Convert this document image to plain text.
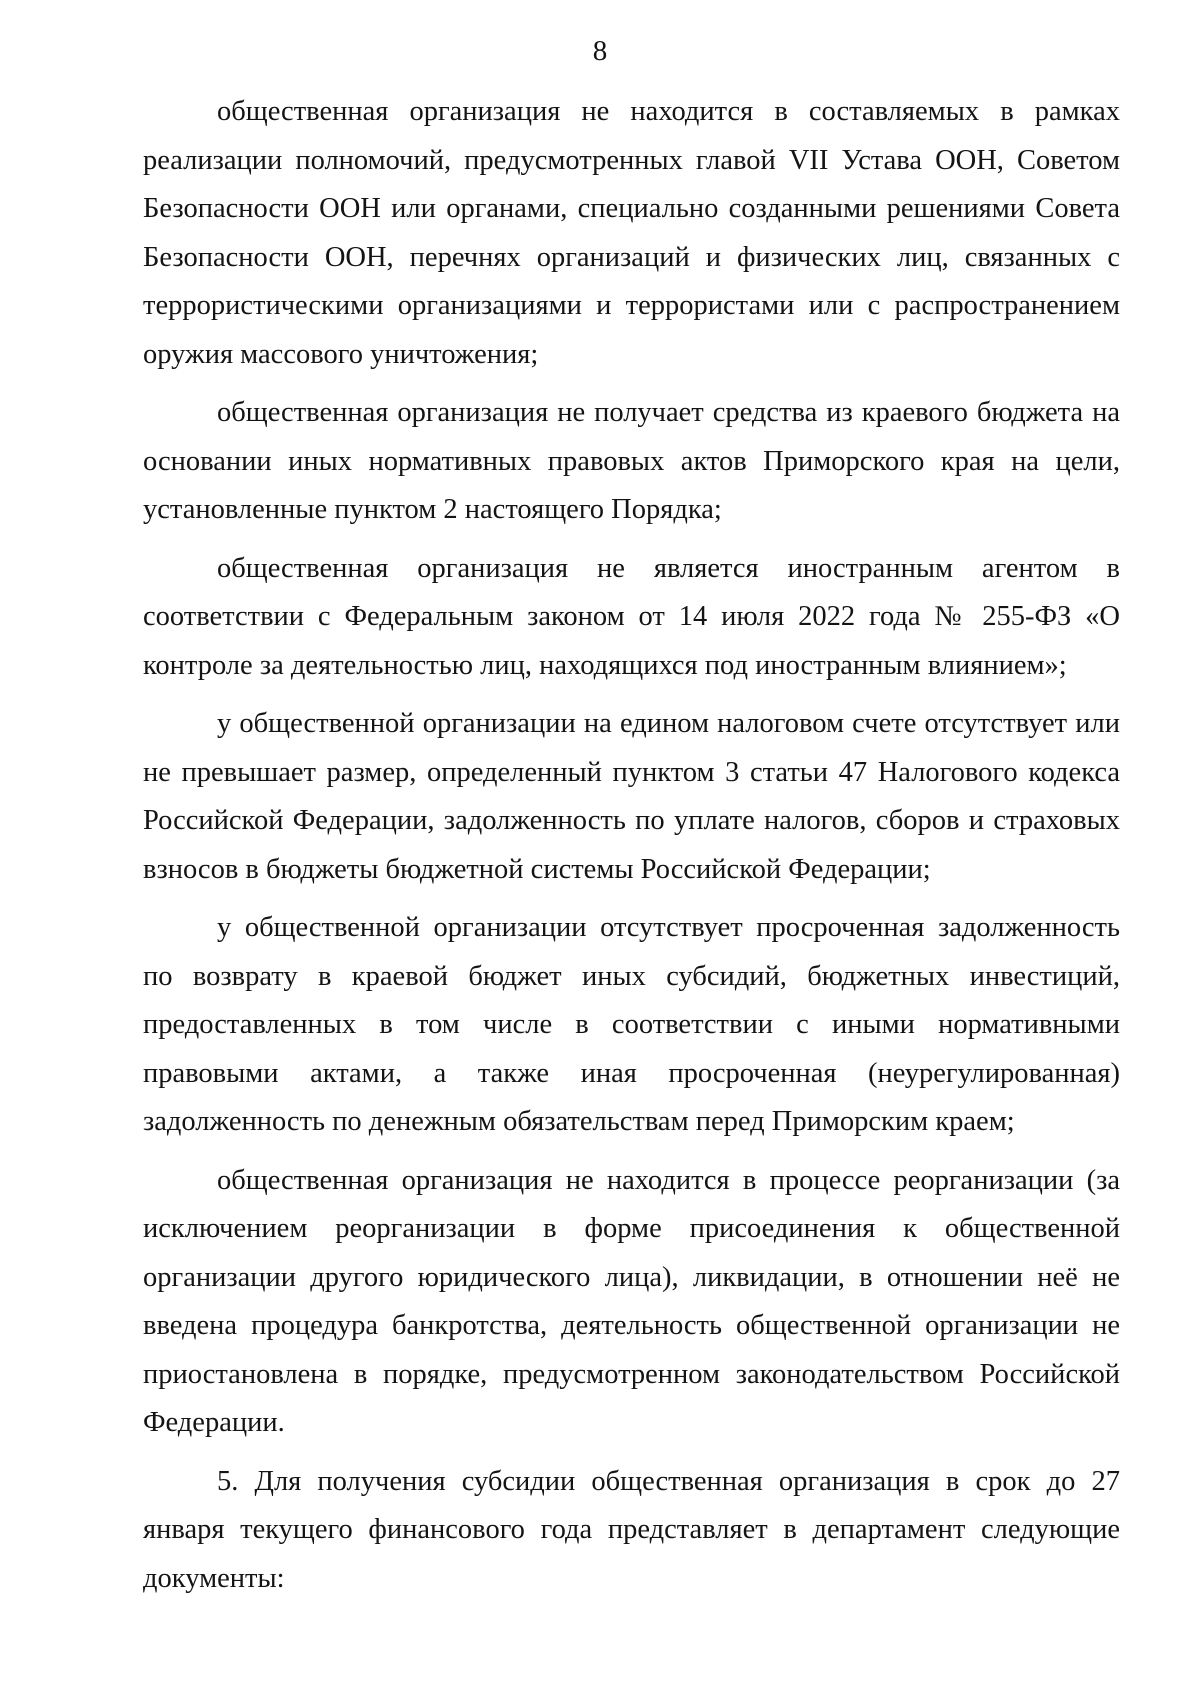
8

общественная организация не находится в составляемых в рамках реализации полномочий, предусмотренных главой VII Устава ООН, Советом Безопасности ООН или органами, специально созданными решениями Совета Безопасности ООН, перечнях организаций и физических лиц, связанных с террористическими организациями и террористами или с распространением оружия массового уничтожения;

общественная организация не получает средства из краевого бюджета на основании иных нормативных правовых актов Приморского края на цели, установленные пунктом 2 настоящего Порядка;

общественная организация не является иностранным агентом в соответствии с Федеральным законом от 14 июля 2022 года № 255-ФЗ «О контроле за деятельностью лиц, находящихся под иностранным влиянием»;

у общественной организации на едином налоговом счете отсутствует или не превышает размер, определенный пунктом 3 статьи 47 Налогового кодекса Российской Федерации, задолженность по уплате налогов, сборов и страховых взносов в бюджеты бюджетной системы Российской Федерации;

у общественной организации отсутствует просроченная задолженность по возврату в краевой бюджет иных субсидий, бюджетных инвестиций, предоставленных в том числе в соответствии с иными нормативными правовыми актами, а также иная просроченная (неурегулированная) задолженность по денежным обязательствам перед Приморским краем;

общественная организация не находится в процессе реорганизации (за исключением реорганизации в форме присоединения к общественной организации другого юридического лица), ликвидации, в отношении неё не введена процедура банкротства, деятельность общественной организации не приостановлена в порядке, предусмотренном законодательством Российской Федерации.

5. Для получения субсидии общественная организация в срок до 27 января текущего финансового года представляет в департамент следующие документы:
